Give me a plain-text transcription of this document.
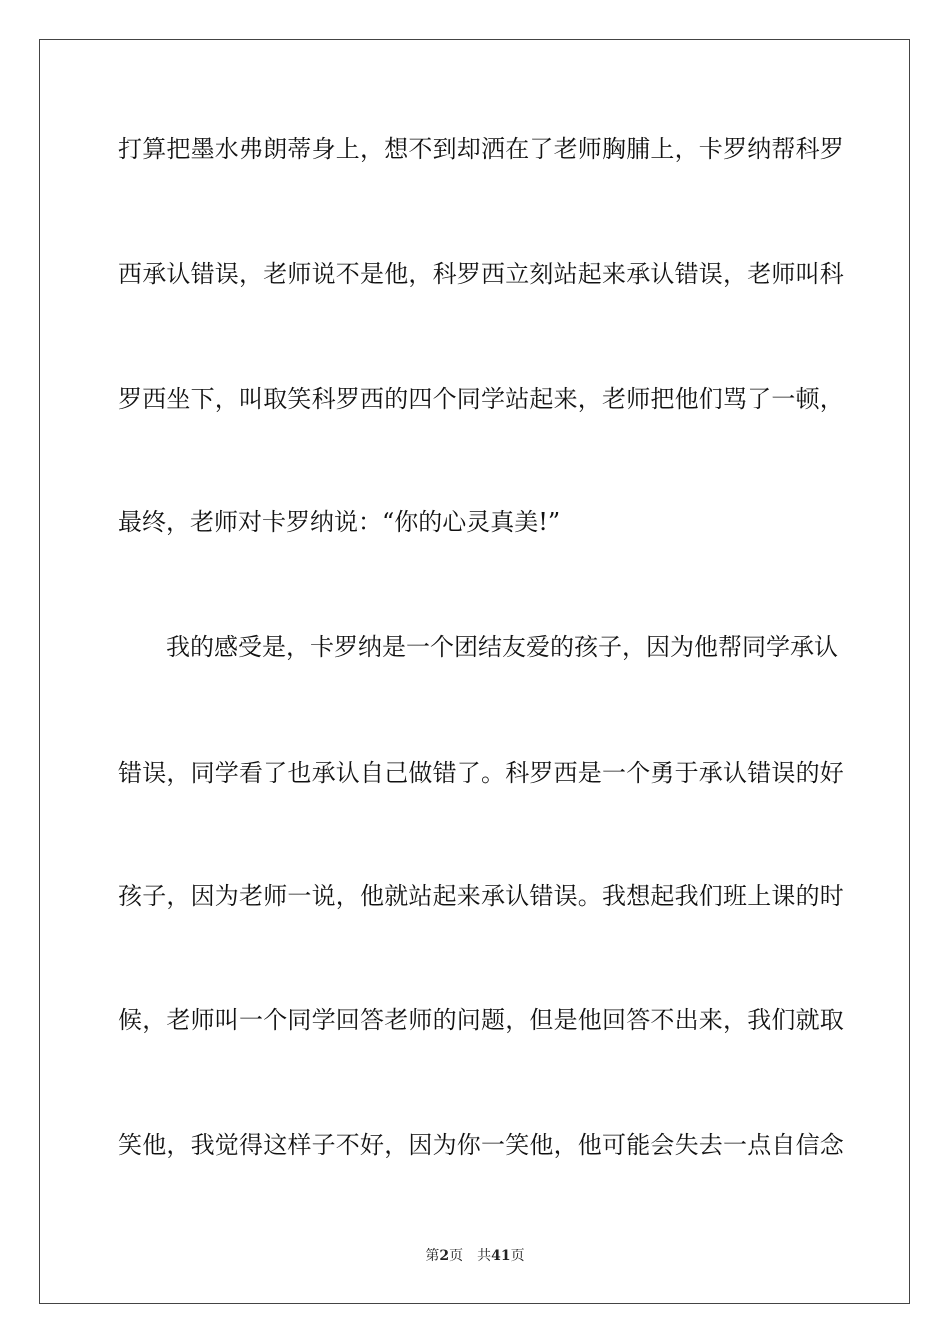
打算把墨水弗朗蒂身上，想不到却洒在了老师胸脯上，卡罗纳帮科罗
西承认错误，老师说不是他，科罗西立刻站起来承认错误，老师叫科
罗西坐下，叫取笑科罗西的四个同学站起来，老师把他们骂了一顿，
最终，老师对卡罗纳说：“你的心灵真美!”
我的感受是，卡罗纳是一个团结友爱的孩子，因为他帮同学承认
错误，同学看了也承认自己做错了。科罗西是一个勇于承认错误的好
孩子，因为老师一说，他就站起来承认错误。我想起我们班上课的时
候，老师叫一个同学回答老师的问题，但是他回答不出来，我们就取
笑他，我觉得这样子不好，因为你一笑他，他可能会失去一点自信念
第2页 共41页
